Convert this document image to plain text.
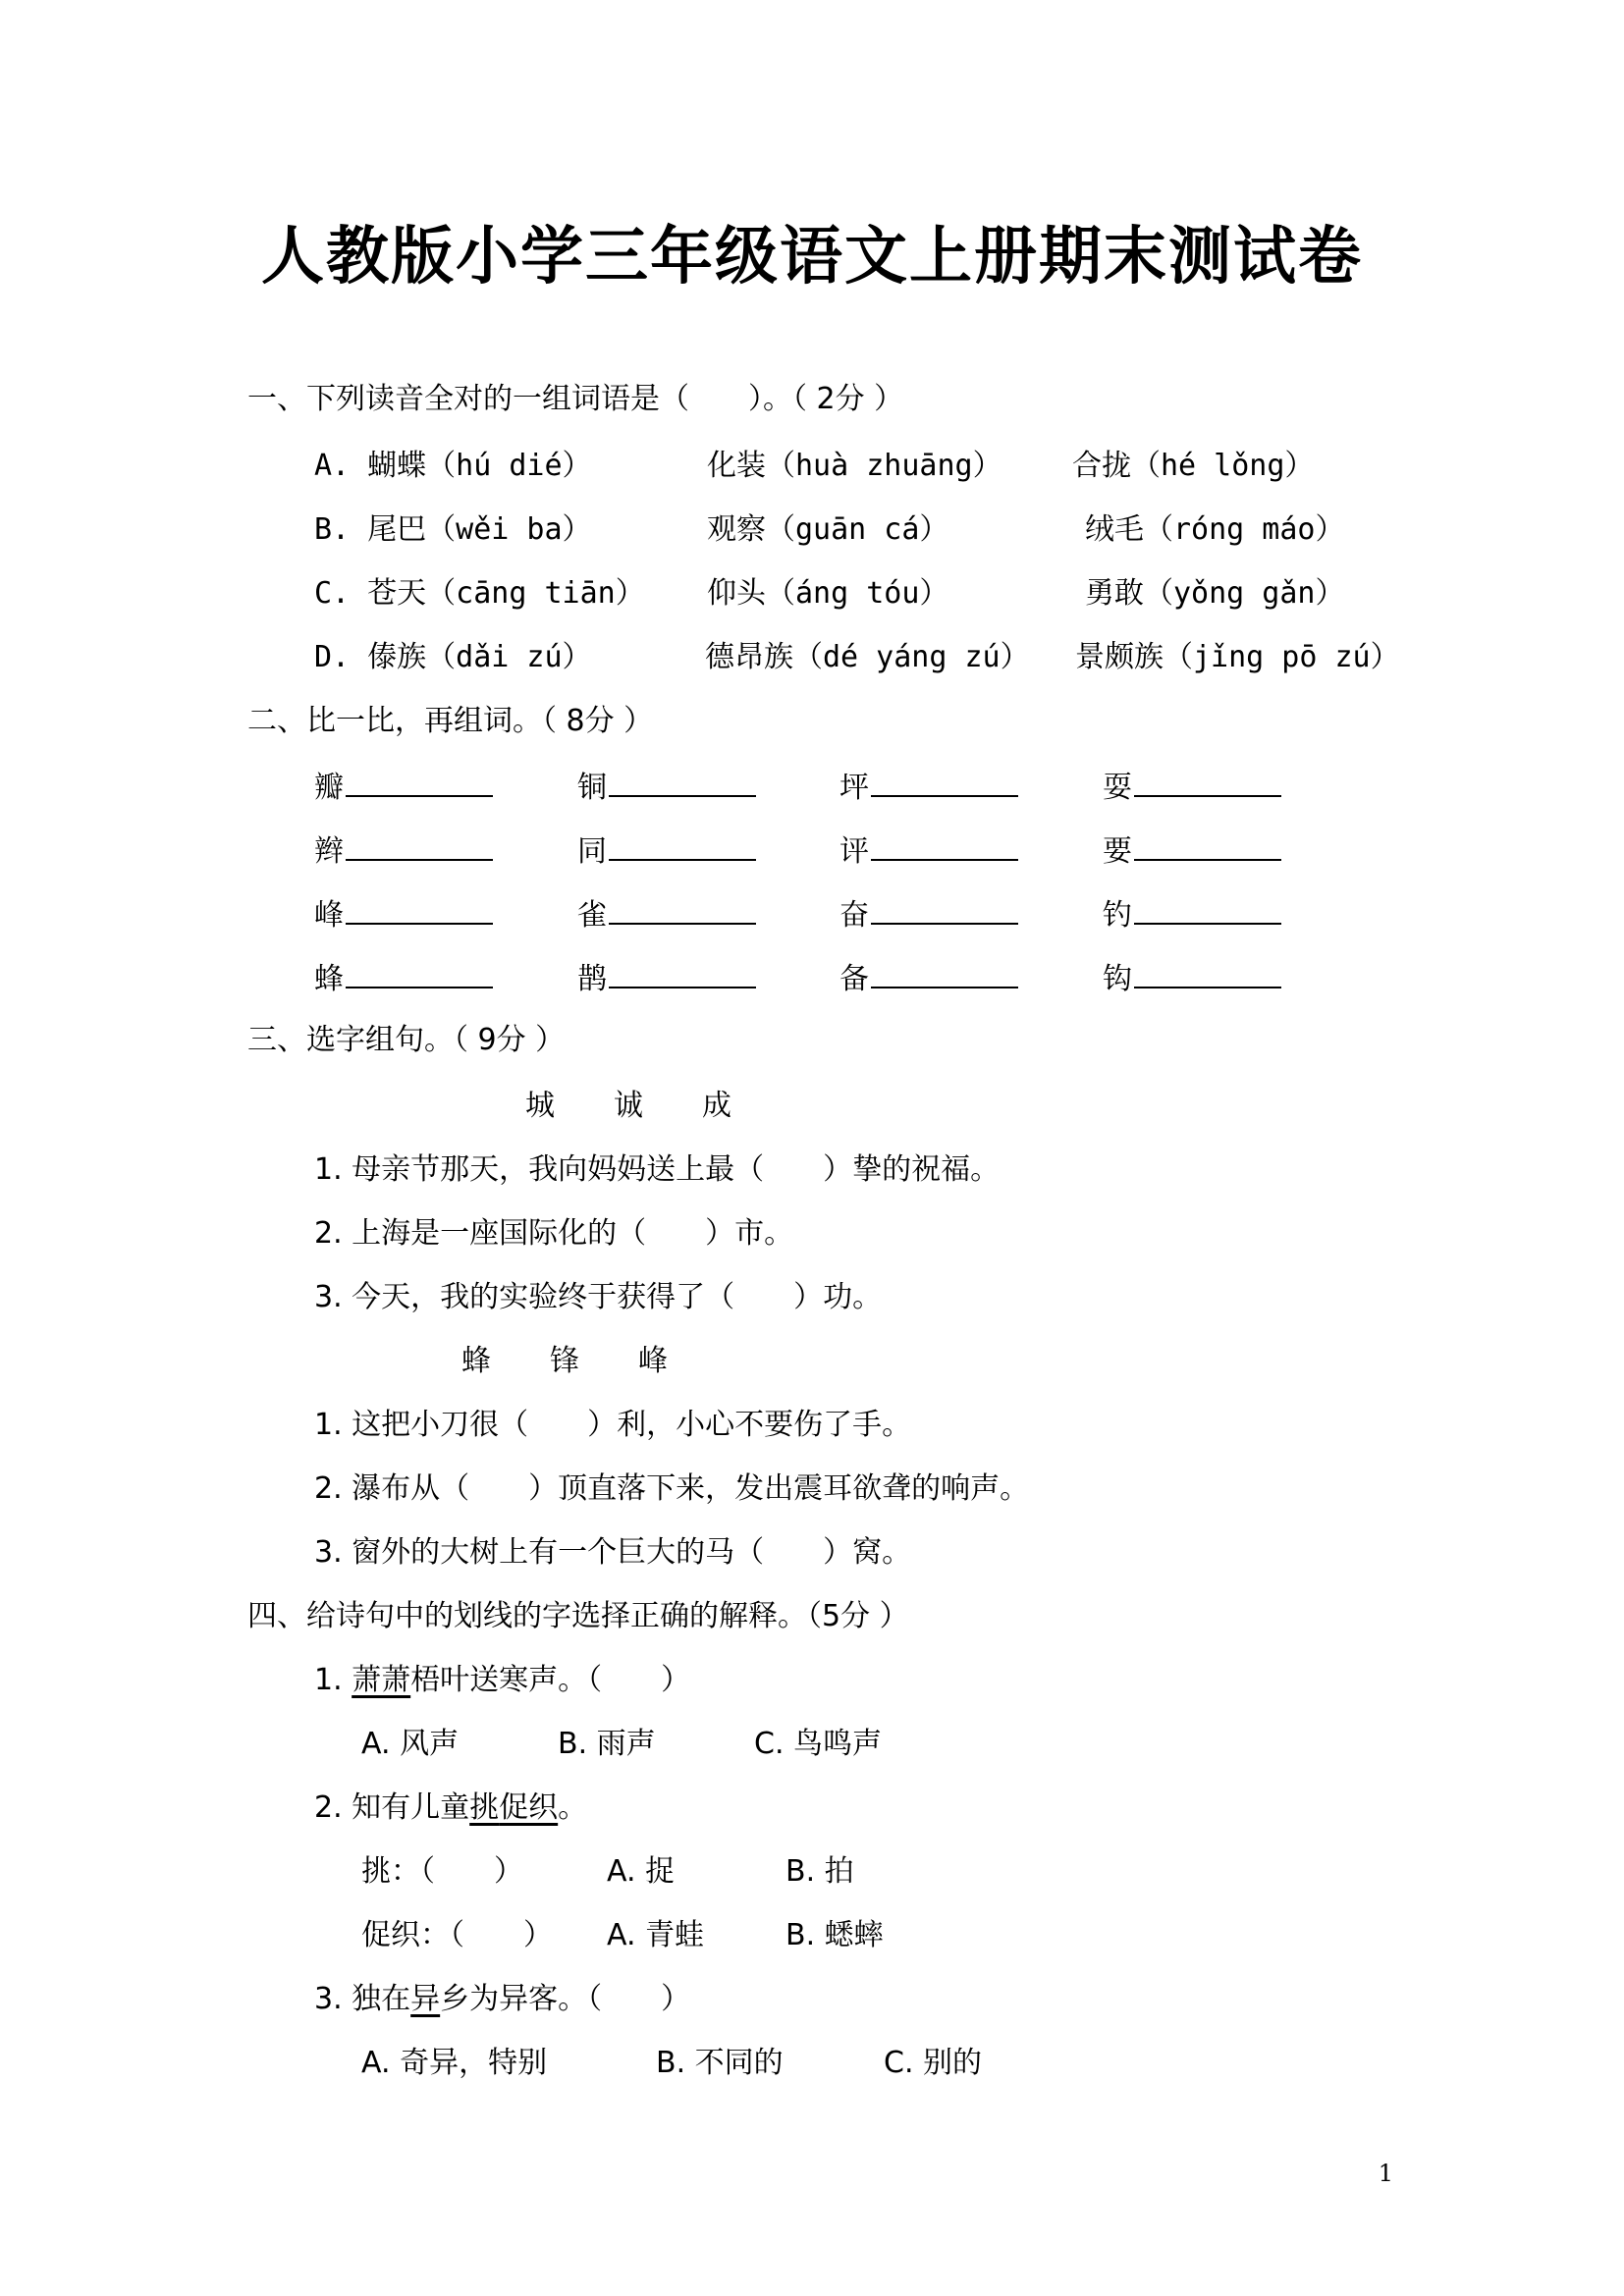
人教版小学三年级语文上册期末测试卷
一、下列读音全对的一组词语是（　　）。（ 2分 ）
A. 蝴蝶（hú dié）	化装（huà zhuāng） 合拢（hé lǒng）
B. 尾巴（wěi ba）	观察（guān cá）	绒毛（róng máo）
C. 苍天（cāng tiān） 仰头（áng tóu）	勇敢（yǒng gǎn）
D. 傣族（dǎi zú）	德昂族（dé yáng zú） 景颇族（jǐng pō zú）
二、比一比，再组词。（ 8分 ）
瓣	铜	坪	耍
辫	同	评	要
峰	雀	奋	钓
蜂	鹊	备	钩
三、选字组句。（ 9分 ）
城　　诚　　成
1. 母亲节那天，我向妈妈送上最（　　）挚的祝福。
2. 上海是一座国际化的（　　）市。
3. 今天，我的实验终于获得了（　　）功。
蜂　　锋　　峰
1. 这把小刀很（　　）利，小心不要伤了手。
2. 瀑布从（　　）顶直落下来，发出震耳欲聋的响声。
3. 窗外的大树上有一个巨大的马（　　）窝。
四、给诗句中的划线的字选择正确的解释。（5分 ）
1. 萧萧梧叶送寒声。（　　）
A. 风声	B. 雨声	C. 鸟鸣声
2. 知有儿童挑促织。
挑：（　　）	A. 捉	B. 拍
促织：（　　） A. 青蛙	B. 蟋蟀
3. 独在异乡为异客。（　　）
A. 奇异，特别	B. 不同的	C. 别的
1
